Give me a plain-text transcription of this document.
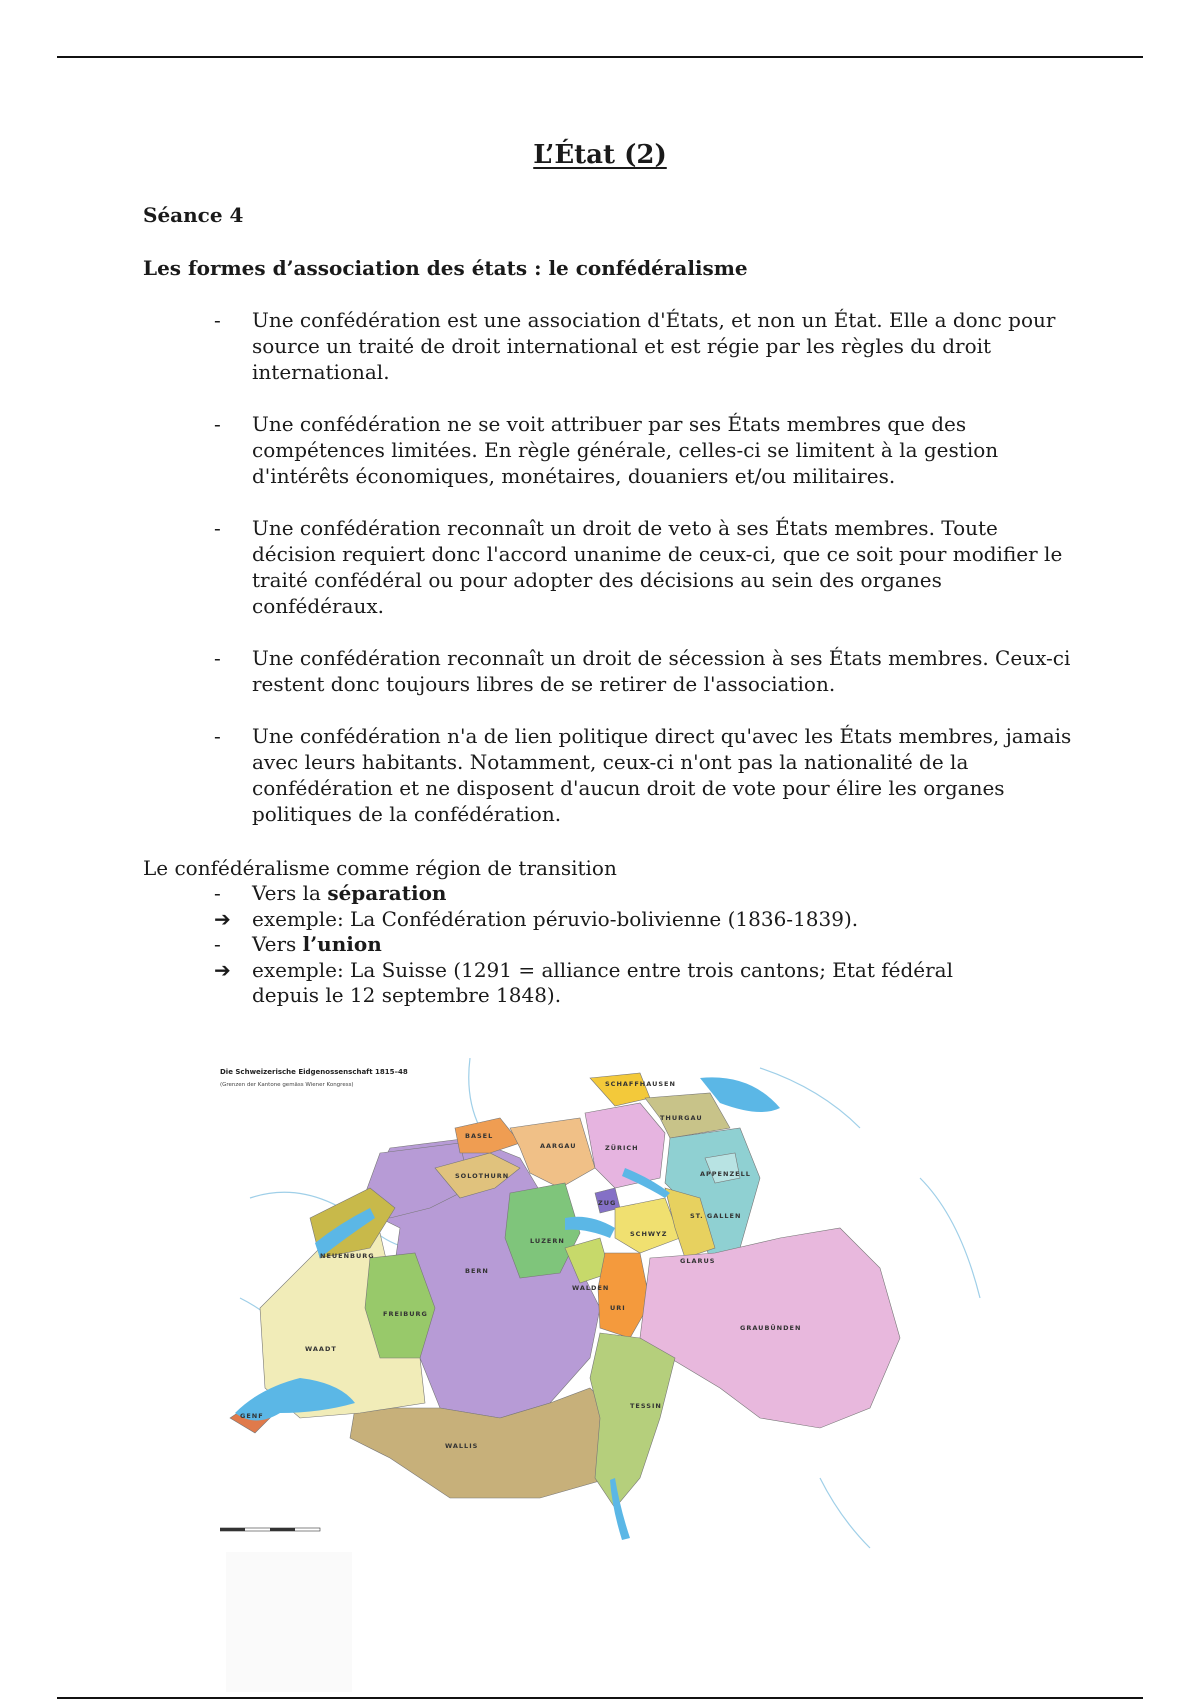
L’État (2)
Séance 4
Les formes d’association des états : le confédéralisme
- Une confédération est une association d'États, et non un État. Elle a donc pour source un traité de droit international et est régie par les règles du droit international.
- Une confédération ne se voit attribuer par ses États membres que des compétences limitées. En règle générale, celles-ci se limitent à la gestion d'intérêts économiques, monétaires, douaniers et/ou militaires.
- Une confédération reconnaît un droit de veto à ses États membres. Toute décision requiert donc l'accord unanime de ceux-ci, que ce soit pour modifier le traité confédéral ou pour adopter des décisions au sein des organes confédéraux.
- Une confédération reconnaît un droit de sécession à ses États membres. Ceux-ci restent donc toujours libres de se retirer de l'association.
- Une confédération n'a de lien politique direct qu'avec les États membres, jamais avec leurs habitants. Notamment, ceux-ci n'ont pas la nationalité de la confédération et ne disposent d'aucun droit de vote pour élire les organes politiques de la confédération.
Le confédéralisme comme région de transition
- Vers la séparation
➔ exemple: La Confédération péruvio-bolivienne (1836-1839).
- Vers l’union
➔ exemple: La Suisse (1291 = alliance entre trois cantons; Etat fédéral
depuis le 12 septembre 1848).
Die Schweizerische Eidgenossenschaft 1815–48
(Grenzen der Kantone gemäss Wiener Kongress)	SCHAFFHAUSEN
THURGAU
BASEL
AARGAU	ZÜRICH
APPENZELL
ST. GALLEN
SOLOTHURN
ZUG
LUZERN
SCHWYZ
GLARUS
NEUENBURG
BERN
WALDEN
URI
FREIBURG
WAADT
GRAUBÜNDEN
TESSIN
GENF
WALLIS
